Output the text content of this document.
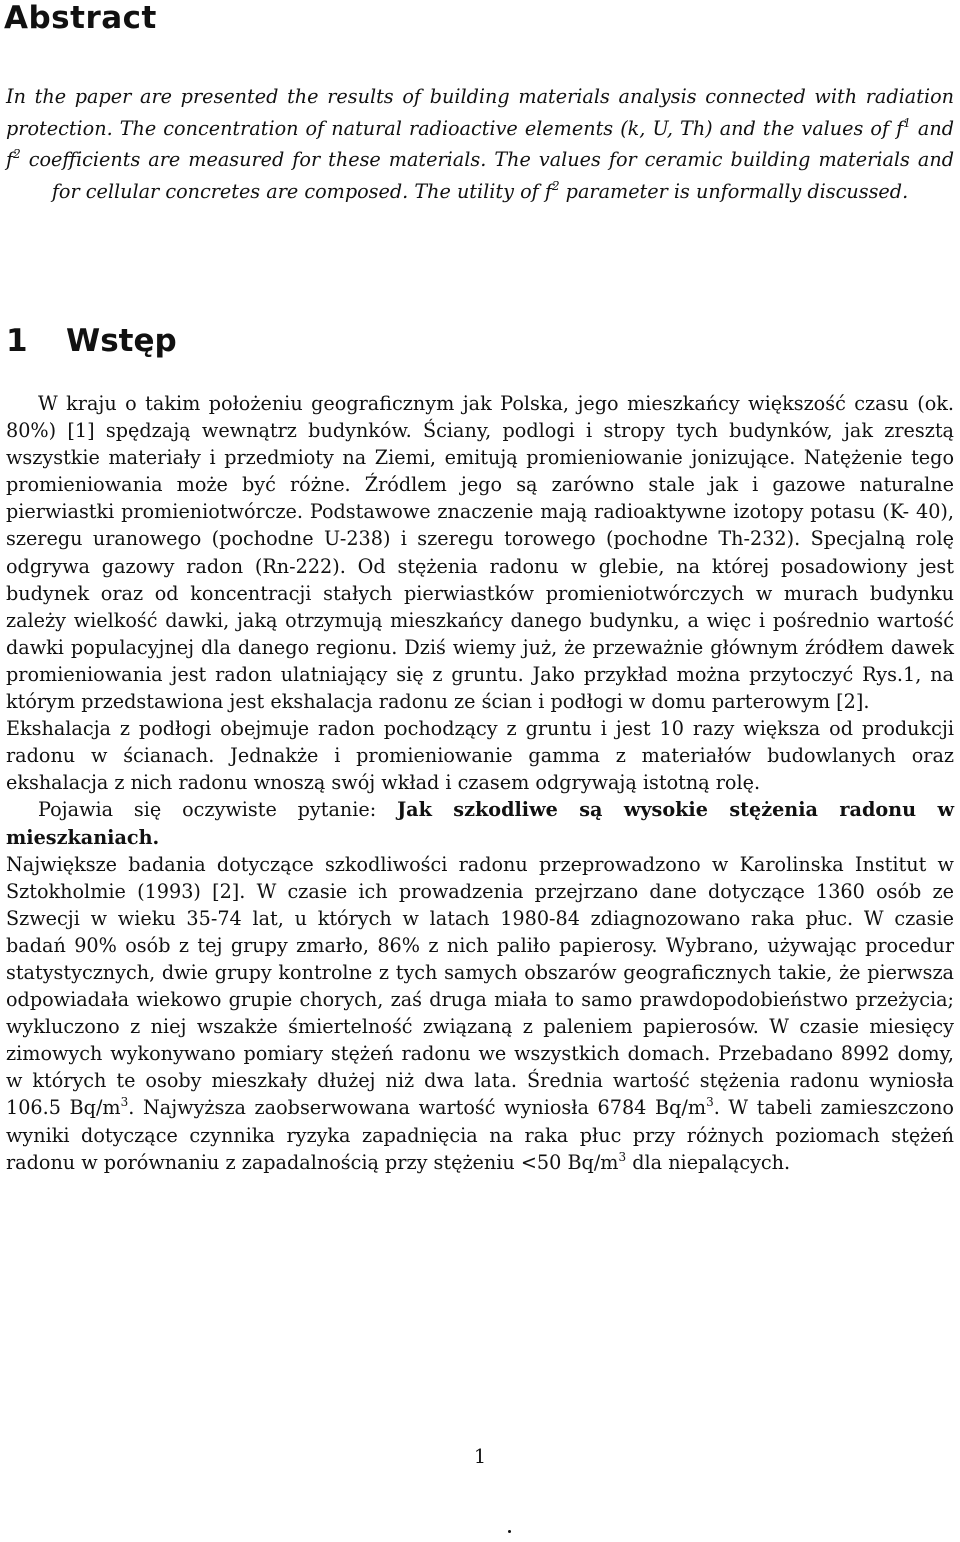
Abstract

In the paper are presented the results of building materials analysis connected with radiation protection. The concentration of natural radioactive elements (k, U, Th) and the values of $f^1$ and $f^2$ coefficients are measured for these materials. The values for ceramic building materials and for cellular concretes are composed. The utility of $f^2$ parameter is unformally discussed.

1 Wstęp

W kraju o takim położeniu geograficznym jak Polska, jego mieszkańcy większość czasu (ok. 80%) [1] spędzają wewnątrz budynków. Ściany, podlogi i stropy tych budynków, jak zresztą wszystkie materiały i przedmioty na Ziemi, emitują promieniowanie jonizujące. Natężenie tego promieniowania może być różne. Źródlem jego są zarówno stale jak i gazowe naturalne pierwiastki promieniotwórcze. Podstawowe znaczenie mają radioaktywne izotopy potasu (K- 40), szeregu uranowego (pochodne U-238) i szeregu torowego (pochodne Th-232). Specjalną rolę odgrywa gazowy radon (Rn-222). Od stężenia radonu w glebie, na której posadowiony jest budynek oraz od koncentracji stałych pierwiastków promieniotwórczych w murach budynku zależy wielkość dawki, jaką otrzymują mieszkańcy danego budynku, a więc i pośrednio wartość dawki populacyjnej dla danego regionu. Dziś wiemy już, że przeważnie głównym źródłem dawek promieniowania jest radon ulatniający się z gruntu. Jako przykład można przytoczyć Rys.1, na którym przedstawiona jest ekshalacja radonu ze ścian i podłogi w domu parterowym [2].

Ekshalacja z podłogi obejmuje radon pochodzący z gruntu i jest 10 razy większa od produkcji radonu w ścianach. Jednakże i promieniowanie gamma z materiałów budowlanych oraz ekshalacja z nich radonu wnoszą swój wkład i czasem odgrywają istotną rolę.

Pojawia się oczywiste pytanie: Jak szkodliwe są wysokie stężenia radonu w mieszkaniach.

Największe badania dotyczące szkodliwości radonu przeprowadzono w Karolinska Institut w Sztokholmie (1993) [2]. W czasie ich prowadzenia przejrzano dane dotyczące 1360 osób ze Szwecji w wieku 35-74 lat, u których w latach 1980-84 zdiagnozowano raka płuc. W czasie badań 90% osób z tej grupy zmarło, 86% z nich paliło papierosy. Wybrano, używając procedur statystycznych, dwie grupy kontrolne z tych samych obszarów geograficznych takie, że pierwsza odpowiadała wiekowo grupie chorych, zaś druga miała to samo prawdopodobieństwo przeżycia; wykluczono z niej wszakże śmiertelność związaną z paleniem papierosów. W czasie miesięcy zimowych wykonywano pomiary stężeń radonu we wszystkich domach. Przebadano 8992 domy, w których te osoby mieszkały dłużej niż dwa lata. Średnia wartość stężenia radonu wyniosła 106.5 $Bq/m^3$. Najwyższa zaobserwowana wartość wyniosła 6784 $Bq/m^3$. W tabeli zamieszczono wyniki dotyczące czynnika ryzyka zapadnięcia na raka płuc przy różnych poziomach stężeń radonu w porównaniu z zapadalnością przy stężeniu <50 $Bq/m^3$ dla niepalących.

1
